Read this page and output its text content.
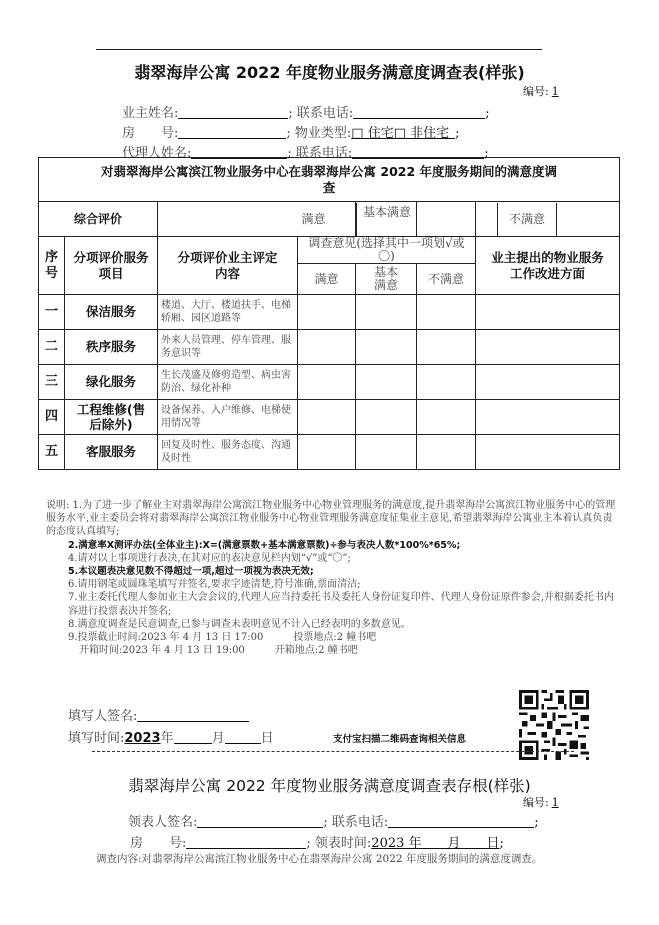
翡翠海岸公寓 2022 年度物业服务满意度调查表(样张)
编号: 1
业主姓名:	; 联系电话:	;
房　　号:	; 物业类型:□ 住宅□ 非住宅 ;
代理人姓名:	; 联系电话:	;
对翡翠海岸公寓滨江物业服务中心在翡翠海岸公寓 2022 年度服务期间的满意度调查						
综合评价			满意	基本满意		不满意

序号	分项评价服务项目	分项评价业主评定内容	调查意见(选择其中一项划√或〇)			业主提出的物业服务工作改进方面
			满意	基本满意	不满意	
一	保洁服务	楼道、大厅、楼道扶手、电梯轿厢、园区道路等				
二	秩序服务	外来人员管理、停车管理、服务意识等				
三	绿化服务	生长茂盛及修剪造型、病虫害防治、绿化补种				
四	工程维修(售后除外)	设备保养、入户维修、电梯使用情况等				
五	客服服务	回复及时性、服务态度、沟通及时性				

说明: 1.为了进一步了解业主对翡翠海岸公寓滨江物业服务中心物业管理服务的满意度,提升翡翠海岸公寓滨江物业服务中心的管理服务水平,业主委员会将对翡翠海岸公寓滨江物业服务中心物业管理服务满意度征集业主意见,希望翡翠海岸公寓业主本着认真负责的态度认真填写;

2.满意率X测评办法(全体业主):X=(满意票数+基本满意票数)÷参与表决人数*100%*65%;

4.请对以上事项进行表决,在其对应的表决意见栏内划“√”或“〇”;

5.本议题表决意见数不得超过一项,超过一项视为表决无效;

6.请用钢笔或圆珠笔填写并签名,要求字迹清楚,符号准确,票面清洁;

7.业主委托代理人参加业主大会会议的,代理人应当持委托书及委托人身份证复印件、代理人身份证原件参会,并根据委托书内容进行投票表决并签名;

8.满意度调查是民意调查,已参与调查未表明意见不计入已经表明的多数意见。

9.投票截止时间:2023 年 4 月 13 日 17:00　　　	投票地点:2 幢书吧

开箱时间:2023 年 4 月 13 日 19:00　　　	开箱地点:2 幢书吧

填写人签名:
填写时间:2023年	月	日	支付宝扫描二维码查询相关信息
翡翠海岸公寓 2022 年度物业服务满意度调查表存根(样张)
编号: 1
领表人签名:	; 联系电话:	;
房　　号:	; 领表时间:2023 年　　月　　日;
调查内容:对翡翠海岸公寓滨江物业服务中心在翡翠海岸公寓 2022 年度服务期间的满意度调查。
